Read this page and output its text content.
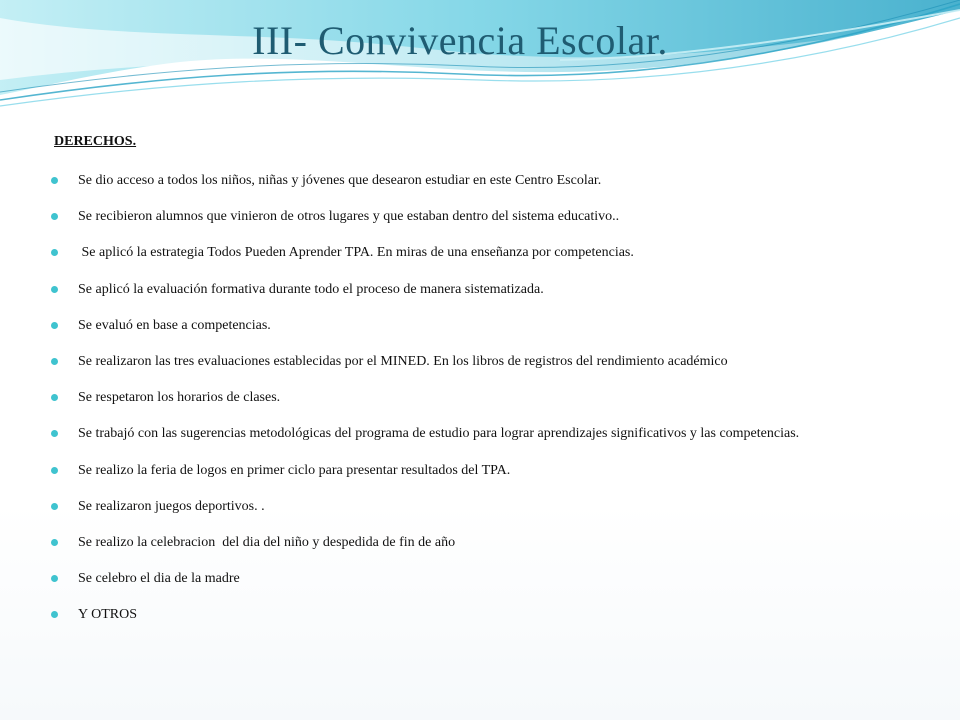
III- Convivencia Escolar.
DERECHOS.
Se dio acceso a todos los niños, niñas y jóvenes que desearon estudiar en este Centro Escolar.
Se recibieron alumnos que vinieron de otros lugares y que estaban dentro del sistema educativo..
Se aplicó la estrategia Todos Pueden Aprender TPA. En miras de una enseñanza por competencias.
Se aplicó la evaluación formativa durante todo el proceso de manera sistematizada.
Se evaluó en base a competencias.
Se realizaron las tres evaluaciones establecidas por el MINED. En los libros de registros del rendimiento académico
Se respetaron los horarios de clases.
Se trabajó con las sugerencias metodológicas del programa de estudio para lograr aprendizajes significativos y las competencias.
Se realizo la feria de logos en primer ciclo para presentar resultados del TPA.
Se realizaron juegos deportivos. .
Se realizo la celebracion  del dia del niño y despedida de fin de año
Se celebro el dia de la madre
Y OTROS
